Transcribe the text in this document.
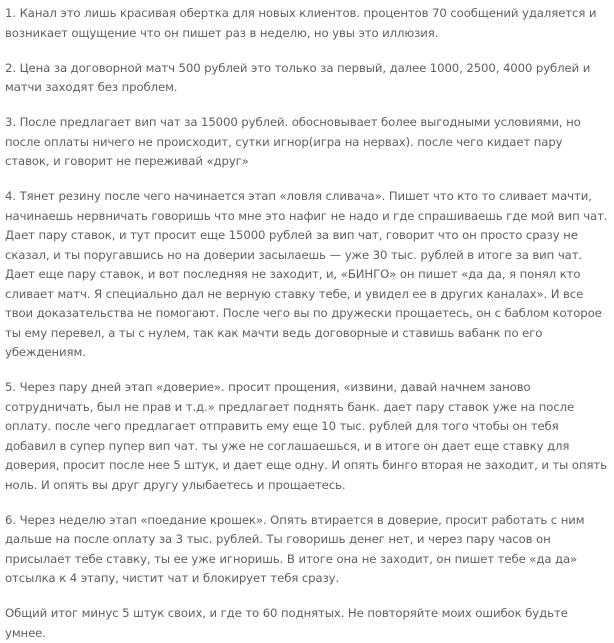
1. Канал это лишь красивая обертка для новых клиентов. процентов 70 сообщений удаляется и возникает ощущение что он пишет раз в неделю, но увы это иллюзия.

2. Цена за договорной матч 500 рублей это только за первый, далее 1000, 2500, 4000 рублей и матчи заходят без проблем.

3. После предлагает вип чат за 15000 рублей. обосновывает более выгодными условиями, но после оплаты ничего не происходит, сутки игнор(игра на нервах). после чего кидает пару ставок, и говорит не переживай «друг»

4. Тянет резину после чего начинается этап «ловля сливача». Пишет что кто то сливает мачти, начинаешь нервничать говоришь что мне это нафиг не надо и где спрашиваешь где мой вип чат. Дает пару ставок, и тут просит еще 15000 рублей за вип чат, говорит что он просто сразу не сказал, и ты поругавшись но на доверии засылаешь — уже 30 тыс. рублей в итоге за вип чат. Дает еще пару ставок, и вот последняя не заходит, и, «БИНГО» он пишет «да да, я понял кто сливает матч. Я специально дал не верную ставку тебе, и увидел ее в других каналах». И все твои доказательства не помогают. После чего вы по дружески прощаетесь, он с баблом которое ты ему перевел, а ты с нулем, так как мачти ведь договорные и ставишь вабанк по его убеждениям.

5. Через пару дней этап «доверие». просит прощения, «извини, давай начнем заново сотрудничать, был не прав и т.д.» предлагает поднять банк. дает пару ставок уже на после оплату. после чего предлагает отправить ему еще 10 тыс. рублей для того чтобы он тебя добавил в супер пупер вип чат. ты уже не соглашаешься, и в итоге он дает еще ставку для доверия, просит после нее 5 штук, и дает еще одну. И опять бинго вторая не заходит, и ты опять ноль. И опять вы друг другу улыбаетесь и прощаетесь.

6. Через неделю этап «поедание крошек». Опять втирается в доверие, просит работать с ним дальше на после оплату за 3 тыс. рублей. Ты говоришь денег нет, и через пару часов он присылает тебе ставку, ты ее уже игноришь. В итоге она не заходит, он пишет тебе «да да» отсылка к 4 этапу, чистит чат и блокирует тебя сразу.

Общий итог минус 5 штук своих, и где то 60 поднятых. Не повторяйте моих ошибок будьте умнее.
